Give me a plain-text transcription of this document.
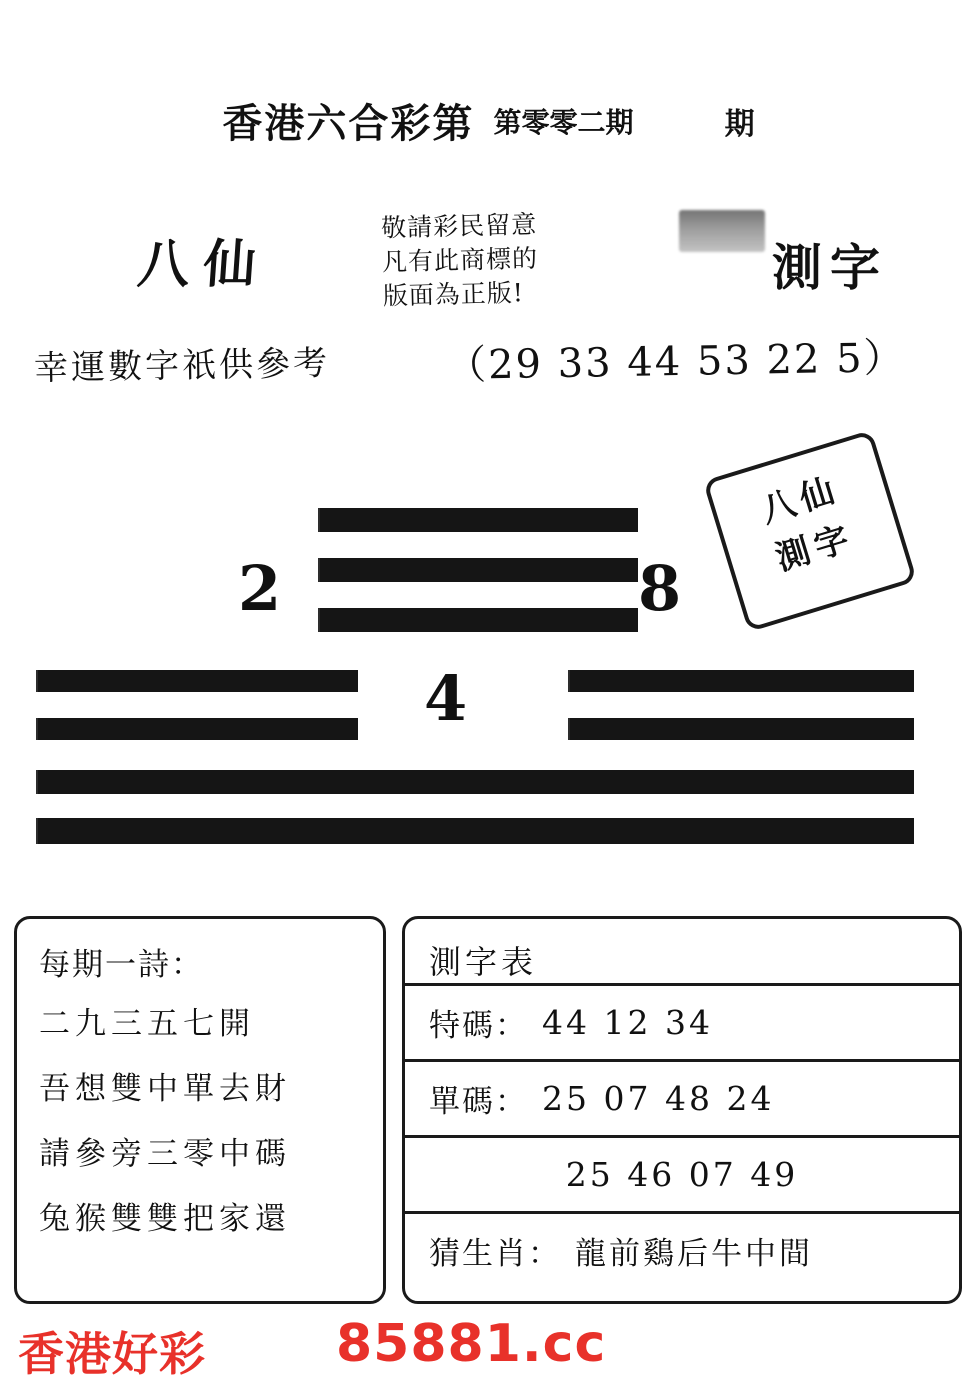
香港六合彩第 第零零二期	期
八仙
敬請彩民留意
凡有此商標的
版面為正版!	測字
幸運數字祇供參考	（29 33 44 53 22 5）
2
4
8
八仙
測字
每期一詩：
二九三五七開
吾想雙中單去財
請參旁三零中碼
兔猴雙雙把家還
測字表
特碼： 44 12 34
單碼： 25 07 48 24
25 46 07 49
猜生肖： 龍前鷄后牛中間
香港好彩	85881.cc
